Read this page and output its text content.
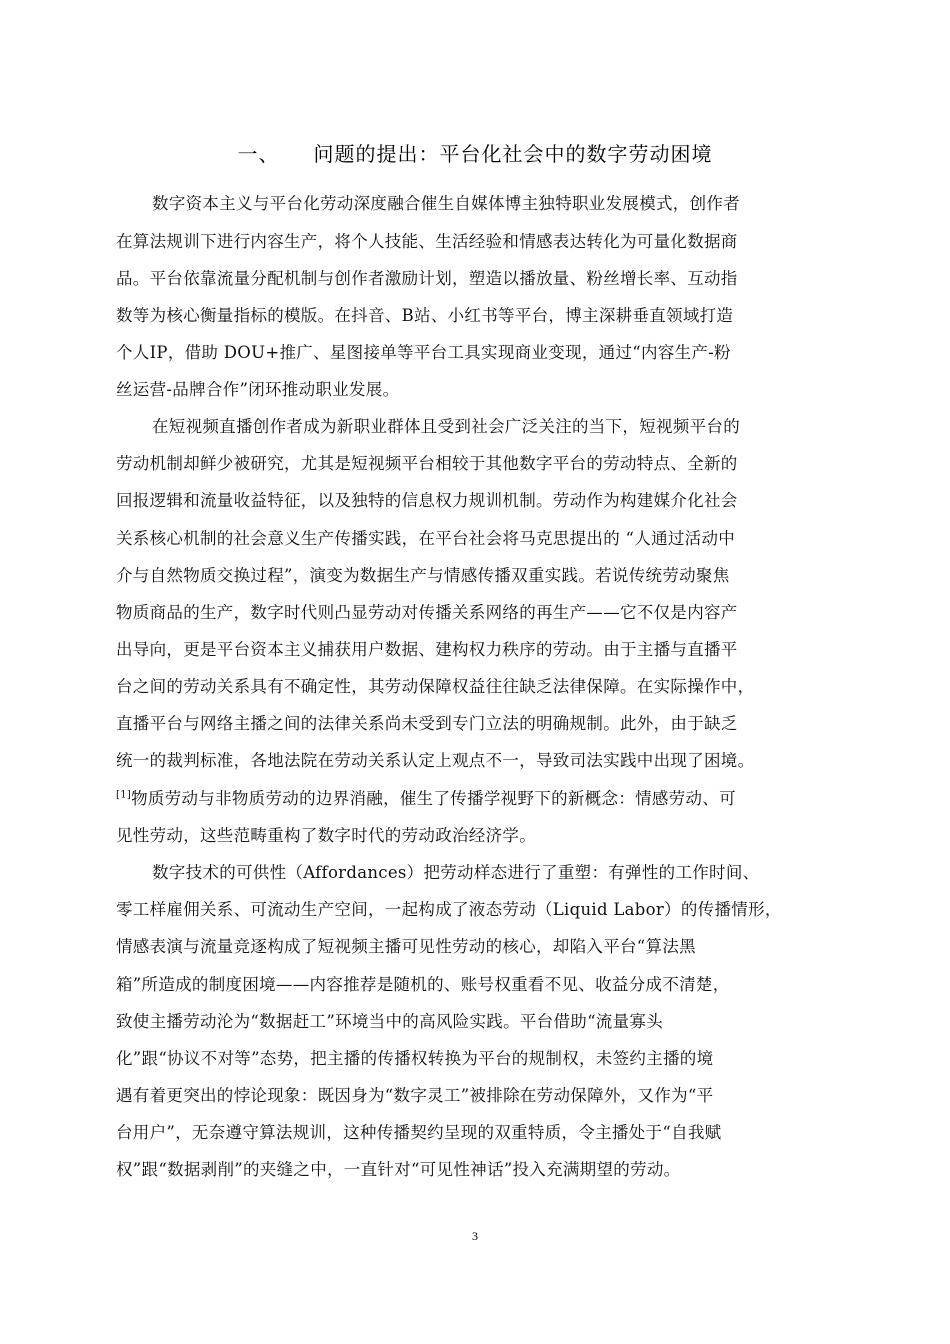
一、 问题的提出：平台化社会中的数字劳动困境
数字资本主义与平台化劳动深度融合催生自媒体博主独特职业发展模式，创作者
在算法规训下进行内容生产，将个人技能、生活经验和情感表达转化为可量化数据商
品。平台依靠流量分配机制与创作者激励计划，塑造以播放量、粉丝增长率、互动指
数等为核心衡量指标的模版。在抖音、B站、小红书等平台，博主深耕垂直领域打造
个人IP，借助 DOU+推广、星图接单等平台工具实现商业变现，通过“内容生产-粉
丝运营-品牌合作”闭环推动职业发展。
在短视频直播创作者成为新职业群体且受到社会广泛关注的当下，短视频平台的
劳动机制却鲜少被研究，尤其是短视频平台相较于其他数字平台的劳动特点、全新的
回报逻辑和流量收益特征，以及独特的信息权力规训机制。劳动作为构建媒介化社会
关系核心机制的社会意义生产传播实践，在平台社会将马克思提出的 “人通过活动中
介与自然物质交换过程”，演变为数据生产与情感传播双重实践。若说传统劳动聚焦
物质商品的生产，数字时代则凸显劳动对传播关系网络的再生产——它不仅是内容产
出导向，更是平台资本主义捕获用户数据、建构权力秩序的劳动。由于主播与直播平
台之间的劳动关系具有不确定性，其劳动保障权益往往缺乏法律保障。在实际操作中，
直播平台与网络主播之间的法律关系尚未受到专门立法的明确规制。此外，由于缺乏
统一的裁判标准，各地法院在劳动关系认定上观点不一，导致司法实践中出现了困境。
[1]物质劳动与非物质劳动的边界消融，催生了传播学视野下的新概念：情感劳动、可
见性劳动，这些范畴重构了数字时代的劳动政治经济学。
数字技术的可供性（Affordances）把劳动样态进行了重塑：有弹性的工作时间、
零工样雇佣关系、可流动生产空间，一起构成了液态劳动（Liquid Labor）的传播情形，
情感表演与流量竞逐构成了短视频主播可见性劳动的核心，却陷入平台“算法黑
箱”所造成的制度困境——内容推荐是随机的、账号权重看不见、收益分成不清楚，
致使主播劳动沦为“数据赶工”环境当中的高风险实践。平台借助“流量寡头
化”跟“协议不对等”态势，把主播的传播权转换为平台的规制权，未签约主播的境
遇有着更突出的悖论现象：既因身为“数字灵工”被排除在劳动保障外，又作为“平
台用户”，无奈遵守算法规训，这种传播契约呈现的双重特质，令主播处于“自我赋
权”跟“数据剥削”的夹缝之中，一直针对“可见性神话”投入充满期望的劳动。
3
